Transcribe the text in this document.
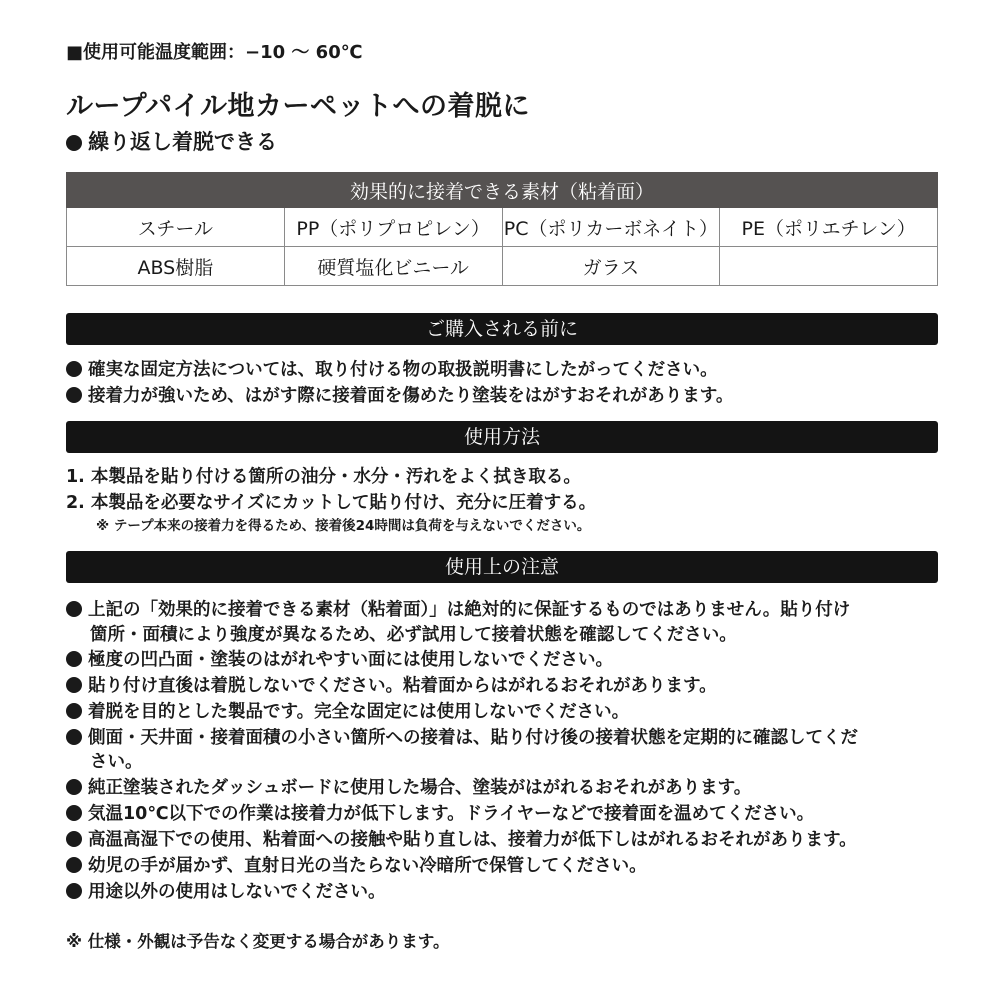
■使用可能温度範囲：−10 〜 60℃
ループパイル地カーペットへの着脱に
繰り返し着脱できる
効果的に接着できる素材（粘着面）			
スチール	PP（ポリプロピレン）	PC（ポリカーボネイト）	PE（ポリエチレン）
ABS樹脂	硬質塩化ビニール	ガラス	
ご購入される前に
確実な固定方法については、取り付ける物の取扱説明書にしたがってください。
接着力が強いため、はがす際に接着面を傷めたり塗装をはがすおそれがあります。
使用方法
1. 本製品を貼り付ける箇所の油分・水分・汚れをよく拭き取る。
2. 本製品を必要なサイズにカットして貼り付け、充分に圧着する。
※ テープ本来の接着力を得るため、接着後24時間は負荷を与えないでください。
使用上の注意
上記の「効果的に接着できる素材（粘着面）」は絶対的に保証するものではありません。貼り付け
箇所・面積により強度が異なるため、必ず試用して接着状態を確認してください。
極度の凹凸面・塗装のはがれやすい面には使用しないでください。
貼り付け直後は着脱しないでください。粘着面からはがれるおそれがあります。
着脱を目的とした製品です。完全な固定には使用しないでください。
側面・天井面・接着面積の小さい箇所への接着は、貼り付け後の接着状態を定期的に確認してくだ
さい。
純正塗装されたダッシュボードに使用した場合、塗装がはがれるおそれがあります。
気温10℃以下での作業は接着力が低下します。ドライヤーなどで接着面を温めてください。
高温高湿下での使用、粘着面への接触や貼り直しは、接着力が低下しはがれるおそれがあります。
幼児の手が届かず、直射日光の当たらない冷暗所で保管してください。
用途以外の使用はしないでください。
※ 仕様・外観は予告なく変更する場合があります。
